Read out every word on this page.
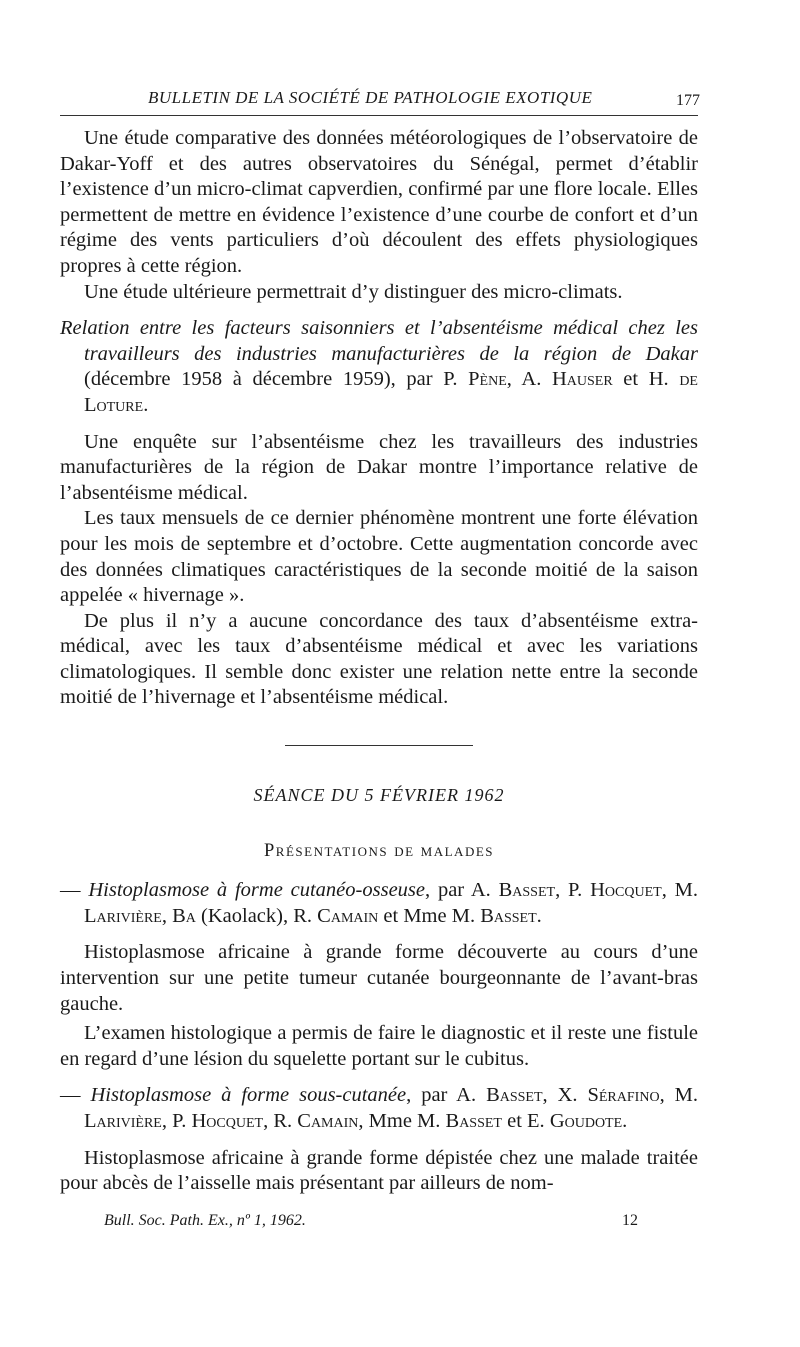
BULLETIN DE LA SOCIÉTÉ DE PATHOLOGIE EXOTIQUE	177

Une étude comparative des données météorologiques de l’observatoire de Dakar-Yoff et des autres observatoires du Sénégal, permet d’établir l’existence d’un micro-climat capverdien, confirmé par une flore locale. Elles permettent de mettre en évidence l’existence d’une courbe de confort et d’un régime des vents particuliers d’où découlent des effets physiologiques propres à cette région.

Une étude ultérieure permettrait d’y distinguer des micro-climats.

Relation entre les facteurs saisonniers et l’absentéisme médical chez les travailleurs des industries manufacturières de la région de Dakar (décembre 1958 à décembre 1959), par P. Pène, A. Hauser et H. de Loture.

Une enquête sur l’absentéisme chez les travailleurs des industries manufacturières de la région de Dakar montre l’importance relative de l’absentéisme médical.

Les taux mensuels de ce dernier phénomène montrent une forte élévation pour les mois de septembre et d’octobre. Cette augmentation concorde avec des données climatiques caractéristiques de la seconde moitié de la saison appelée « hivernage ».

De plus il n’y a aucune concordance des taux d’absentéisme extra-médical, avec les taux d’absentéisme médical et avec les variations climatologiques. Il semble donc exister une relation nette entre la seconde moitié de l’hivernage et l’absentéisme médical.

SÉANCE DU 5 FÉVRIER 1962

Présentations de malades

— Histoplasmose à forme cutanéo-osseuse, par A. Basset, P. Hocquet, M. Larivière, Ba (Kaolack), R. Camain et Mme M. Basset.

Histoplasmose africaine à grande forme découverte au cours d’une intervention sur une petite tumeur cutanée bourgeonnante de l’avant-bras gauche.

L’examen histologique a permis de faire le diagnostic et il reste une fistule en regard d’une lésion du squelette portant sur le cubitus.

— Histoplasmose à forme sous-cutanée, par A. Basset, X. Sérafino, M. Larivière, P. Hocquet, R. Camain, Mme M. Basset et E. Goudote.

Histoplasmose africaine à grande forme dépistée chez une malade traitée pour abcès de l’aisselle mais présentant par ailleurs de nom-

Bull. Soc. Path. Ex., nº 1, 1962.	12
